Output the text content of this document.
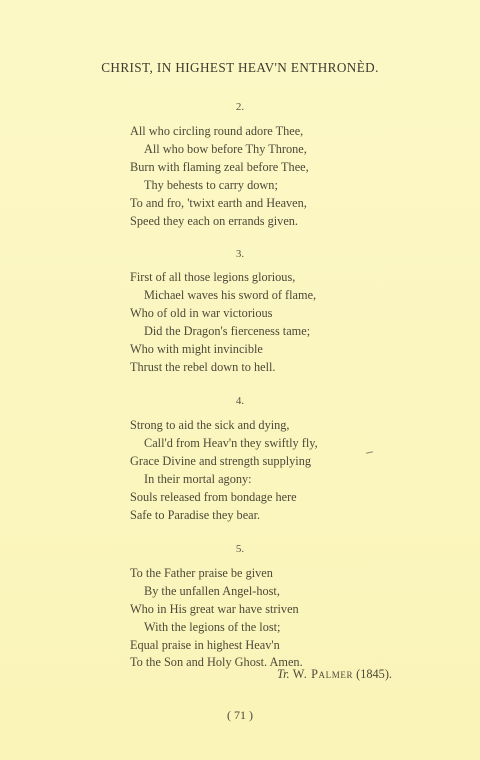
CHRIST, IN HIGHEST HEAV'N ENTHRONÈD.
2.
All who circling round adore Thee,
All who bow before Thy Throne,
Burn with flaming zeal before Thee,
Thy behests to carry down;
To and fro, 'twixt earth and Heaven,
Speed they each on errands given.
3.
First of all those legions glorious,
Michael waves his sword of flame,
Who of old in war victorious
Did the Dragon's fierceness tame;
Who with might invincible
Thrust the rebel down to hell.
4.
Strong to aid the sick and dying,
Call'd from Heav'n they swiftly fly,
Grace Divine and strength supplying
In their mortal agony:
Souls released from bondage here
Safe to Paradise they bear.
5.
To the Father praise be given
By the unfallen Angel-host,
Who in His great war have striven
With the legions of the lost;
Equal praise in highest Heav'n
To the Son and Holy Ghost. Amen.
Tr. W. Palmer (1845).
( 71 )
